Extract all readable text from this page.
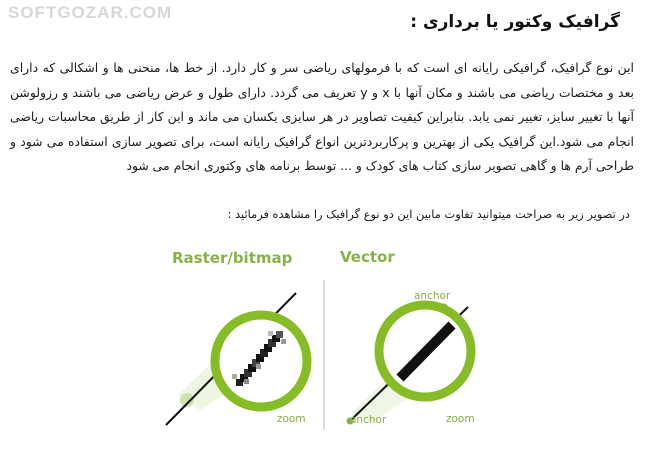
SOFTGOZAR.COM	گرافیک وکتور یا برداری :
این نوع گرافیک، گرافیکی رایانه ای است که با فرمولهای ریاضی سر و کار دارد. از خط ها، منحنی ها و اشکالی که دارای بعد و مختصات ریاضی می باشند و مکان آنها با x و y تعریف می گردد. دارای طول و عرض ریاضی می باشند و رزولوشن آنها با تغییر سایز، تغییر نمی یابد. بنابراین کیفیت تصاویر در هر سایزی یکسان می ماند و این کار از طریق محاسبات ریاضی انجام می شود.این گرافیک یکی از بهترین و پرکاربردترین انواع گرافیک رایانه است، برای تصویر سازی استفاده می شود و طراحی آرم ها و گاهی تصویر سازی کتاب های کودک و ... توسط برنامه های وکتوری انجام می شود
در تصویر زیر به صراحت میتوانید تفاوت مابین این دو نوع گرافیک را مشاهده فرمائید :
Raster/bitmap	Vector
zoom	zoom
anchor
anchor
